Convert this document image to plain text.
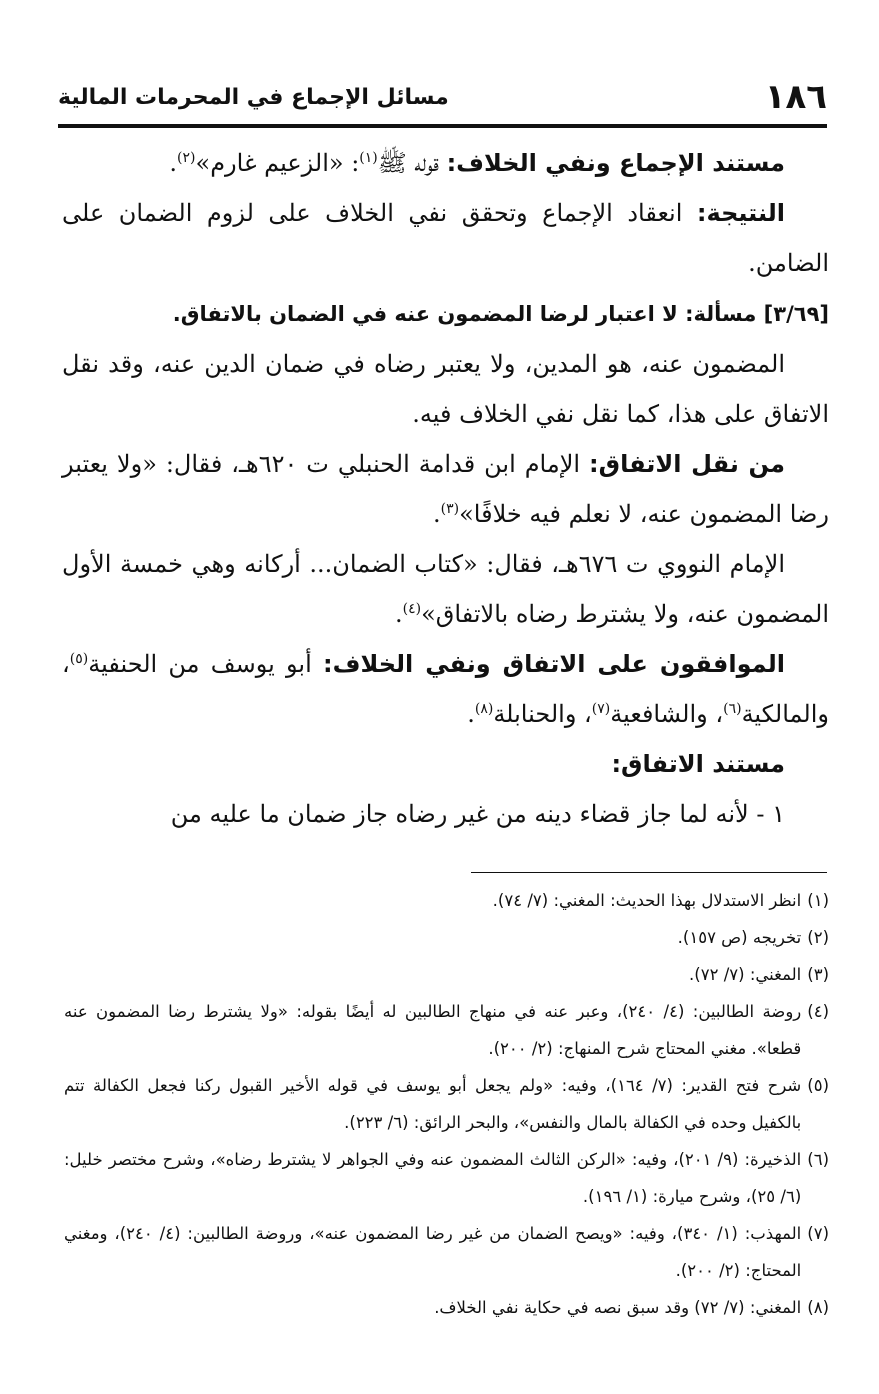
١٨٦
مسائل الإجماع في المحرمات المالية

مستند الإجماع ونفي الخلاف: قوله ﷺ$^{(١)}$: «الزعيم غارم»$^{(٢)}$.

النتيجة: انعقاد الإجماع وتحقق نفي الخلاف على لزوم الضمان على الضامن.

[٣/٦٩] مسألة: لا اعتبار لرضا المضمون عنه في الضمان بالاتفاق.

المضمون عنه، هو المدين، ولا يعتبر رضاه في ضمان الدين عنه، وقد نقل الاتفاق على هذا، كما نقل نفي الخلاف فيه.

من نقل الاتفاق: الإمام ابن قدامة الحنبلي ت ٦٢٠هـ، فقال: «ولا يعتبر رضا المضمون عنه، لا نعلم فيه خلافًا»$^{(٣)}$.

الإمام النووي ت ٦٧٦هـ، فقال: «كتاب الضمان... أركانه وهي خمسة الأول المضمون عنه، ولا يشترط رضاه بالاتفاق»$^{(٤)}$.

الموافقون على الاتفاق ونفي الخلاف: أبو يوسف من الحنفية$^{(٥)}$، والمالكية$^{(٦)}$، والشافعية$^{(٧)}$، والحنابلة$^{(٨)}$.

مستند الاتفاق:

١ - لأنه لما جاز قضاء دينه من غير رضاه جاز ضمان ما عليه من

(١)
انظر الاستدلال بهذا الحديث: المغني: (٧/ ٧٤).

(٢)
تخريجه (ص ١٥٧).

(٣)
المغني: (٧/ ٧٢).

(٤)
روضة الطالبين: (٤/ ٢٤٠)، وعبر عنه في منهاج الطالبين له أيضًا بقوله: «ولا يشترط رضا المضمون عنه قطعا». مغني المحتاج شرح المنهاج: (٢/ ٢٠٠).

(٥)
شرح فتح القدير: (٧/ ١٦٤)، وفيه: «ولم يجعل أبو يوسف في قوله الأخير القبول ركنا فجعل الكفالة تتم بالكفيل وحده في الكفالة بالمال والنفس»، والبحر الرائق: (٦/ ٢٢٣).

(٦)
الذخيرة: (٩/ ٢٠١)، وفيه: «الركن الثالث المضمون عنه وفي الجواهر لا يشترط رضاه»، وشرح مختصر خليل: (٦/ ٢٥)، وشرح ميارة: (١/ ١٩٦).

(٧)
المهذب: (١/ ٣٤٠)، وفيه: «ويصح الضمان من غير رضا المضمون عنه»، وروضة الطالبين: (٤/ ٢٤٠)، ومغني المحتاج: (٢/ ٢٠٠).

(٨)
المغني: (٧/ ٧٢) وقد سبق نصه في حكاية نفي الخلاف.
